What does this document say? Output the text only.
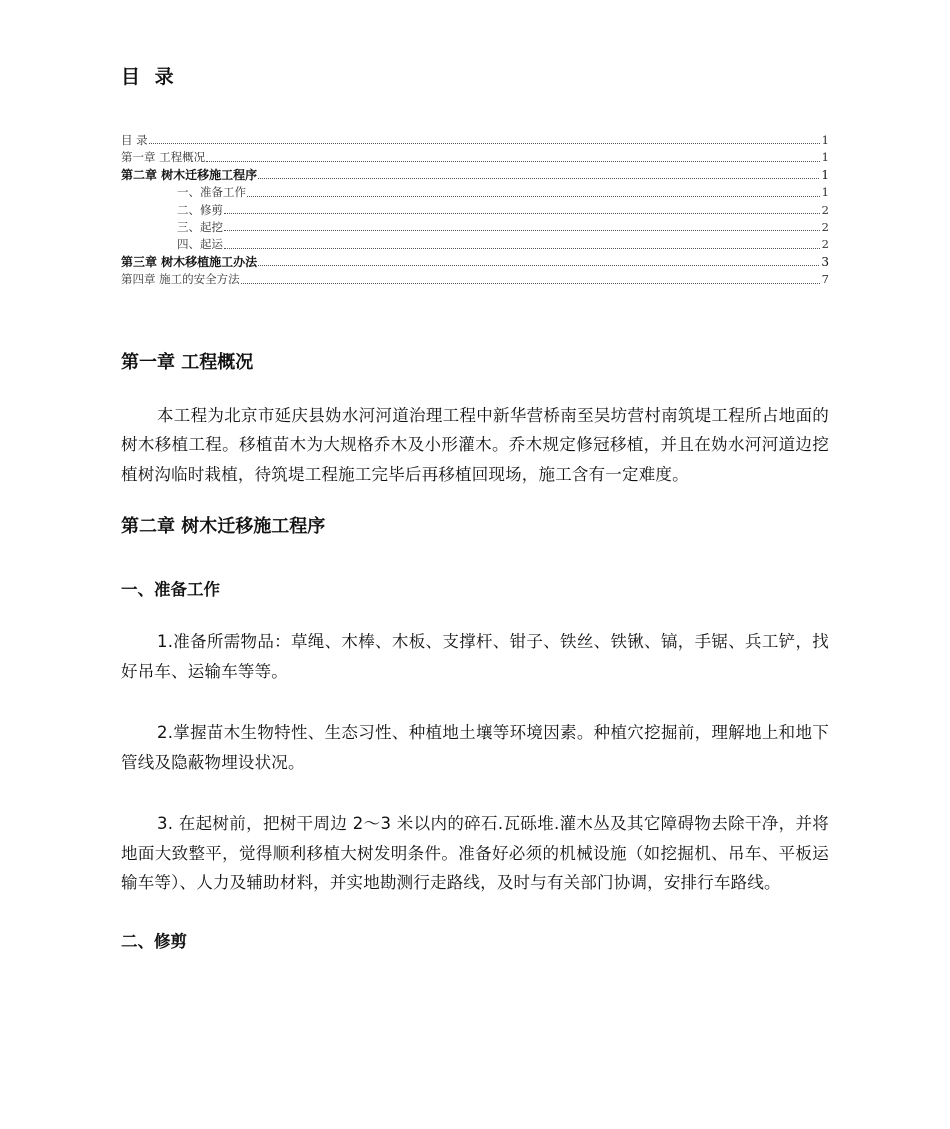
目 录
目 录	1
第一章 工程概况	1
第二章 树木迁移施工程序	1
一、准备工作	1
二、修剪	2
三、起挖	2
四、起运	2
第三章 树木移植施工办法	3
第四章 施工的安全方法	7
第一章 工程概况

本工程为北京市延庆县妫水河河道治理工程中新华营桥南至吴坊营村南筑堤工程所占地面的树木移植工程。移植苗木为大规格乔木及小形灌木。乔木规定修冠移植，并且在妫水河河道边挖植树沟临时栽植，待筑堤工程施工完毕后再移植回现场，施工含有一定难度。

第二章 树木迁移施工程序
一、准备工作

1.准备所需物品：草绳、木棒、木板、支撑杆、钳子、铁丝、铁锹、镐，手锯、兵工铲，找好吊车、运输车等等。

2.掌握苗木生物特性、生态习性、种植地土壤等环境因素。种植穴挖掘前，理解地上和地下管线及隐蔽物埋设状况。

3. 在起树前，把树干周边 2～3 米以内的碎石.瓦砾堆.灌木丛及其它障碍物去除干净，并将地面大致整平，觉得顺利移植大树发明条件。准备好必须的机械设施（如挖掘机、吊车、平板运输车等）、人力及辅助材料，并实地勘测行走路线，及时与有关部门协调，安排行车路线。

二、修剪
